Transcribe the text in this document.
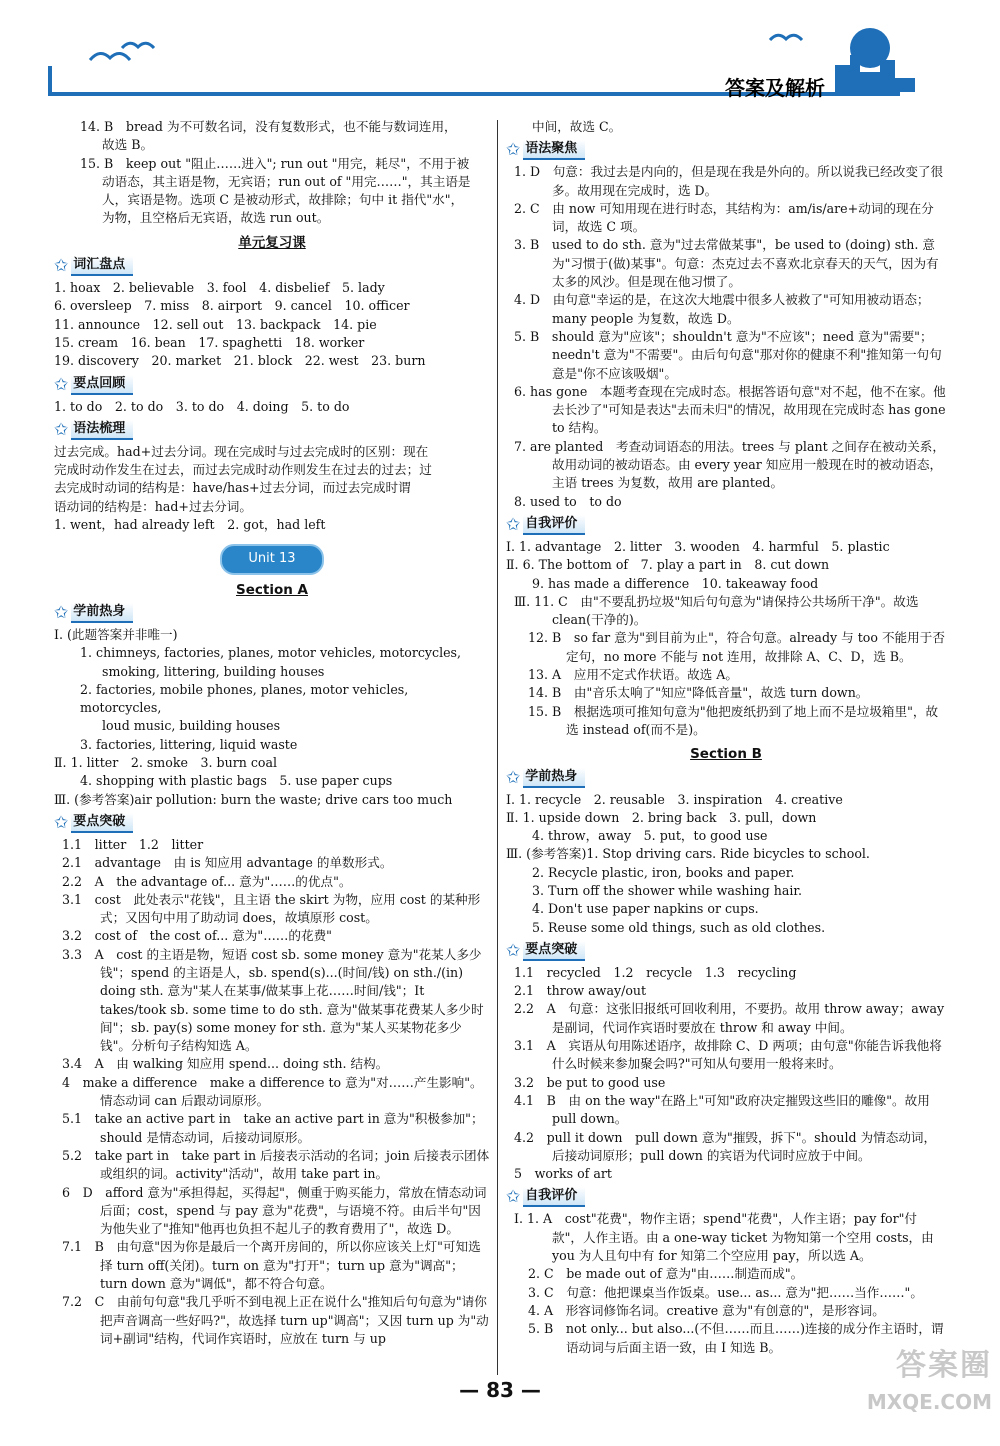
答案及解析

14. B　bread 为不可数名词，没有复数形式，也不能与数词连用，

故选 B。

15. B　keep out "阻止……进入"; run out "用完，耗尽"，不用于被

动语态，其主语是物，无宾语；run out of "用完……"，其主语是

人，宾语是物。选项 C 是被动形式，故排除；句中 it 指代"水"，

为物，且空格后无宾语，故选 run out。

单元复习课
✩ 词汇盘点

1. hoax　2. believable　3. fool　4. disbelief　5. lady

6. oversleep　7. miss　8. airport　9. cancel　10. officer

11. announce　12. sell out　13. backpack　14. pie

15. cream　16. bean　17. spaghetti　18. worker

19. discovery　20. market　21. block　22. west　23. burn

✩ 要点回顾

1. to do　2. to do　3. to do　4. doing　5. to do

✩ 语法梳理

过去完成。had+过去分词。现在完成时与过去完成时的区别：现在

完成时动作发生在过去，而过去完成时动作则发生在过去的过去；过

去完成时动词的结构是：have/has+过去分词，而过去完成时谓

语动词的结构是：had+过去分词。

1. went，had already left　2. got，had left

Unit 13
Section A
✩ 学前热身

Ⅰ. (此题答案并非唯一)

1. chimneys, factories, planes, motor vehicles, motorcycles,

smoking, littering, building houses

2. factories, mobile phones, planes, motor vehicles, motorcycles,

loud music, building houses

3. factories, littering, liquid waste

Ⅱ. 1. litter　2. smoke　3. burn coal

4. shopping with plastic bags　5. use paper cups

Ⅲ. (参考答案)air pollution: burn the waste; drive cars too much

✩ 要点突破

1.1　litter　1.2　litter

2.1　advantage　由 is 知应用 advantage 的单数形式。

2.2　A　the advantage of... 意为"……的优点"。

3.1　cost　此处表示"花钱"，且主语 the skirt 为物，应用 cost 的某种形式；又因句中用了助动词 does，故填原形 cost。

3.2　cost of　the cost of... 意为"……的花费"

3.3　A　cost 的主语是物，短语 cost sb. some money 意为"花某人多少钱"；spend 的主语是人，sb. spend(s)...(时间/钱) on sth./(in) doing sth. 意为"某人在某事/做某事上花……时间/钱"；It takes/took sb. some time to do sth. 意为"做某事花费某人多少时间"；sb. pay(s) some money for sth. 意为"某人买某物花多少钱"。分析句子结构知选 A。

3.4　A　由 walking 知应用 spend... doing sth. 结构。

4　make a difference　make a difference to 意为"对……产生影响"。情态动词 can 后跟动词原形。

5.1　take an active part in　take an active part in 意为"积极参加"；should 是情态动词，后接动词原形。

5.2　take part in　take part in 后接表示活动的名词；join 后接表示团体或组织的词。activity"活动"，故用 take part in。

6　D　afford 意为"承担得起，买得起"，侧重于购买能力，常放在情态动词后面；cost，spend 与 pay 意为"花费"，与语境不符。由后半句"因为他失业了"推知"他再也负担不起儿子的教育费用了"，故选 D。

7.1　B　由句意"因为你是最后一个离开房间的，所以你应该关上灯"可知选择 turn off(关闭)。turn on 意为"打开"；turn up 意为"调高"；turn down 意为"调低"，都不符合句意。

7.2　C　由前句句意"我几乎听不到电视上正在说什么"推知后句句意为"请你把声音调高一些好吗?"，故选择 turn up"调高"；又因 turn up 为"动词+副词"结构，代词作宾语时，应放在 turn 与 up

中间，故选 C。

✩ 语法聚焦

1. D　句意：我过去是内向的，但是现在我是外向的。所以说我已经改变了很多。故用现在完成时，选 D。

2. C　由 now 可知用现在进行时态，其结构为：am/is/are+动词的现在分词，故选 C 项。

3. B　used to do sth. 意为"过去常做某事"，be used to (doing) sth. 意为"习惯于(做)某事"。句意：杰克过去不喜欢北京春天的天气，因为有太多的风沙。但是现在他习惯了。

4. D　由句意"幸运的是，在这次大地震中很多人被救了"可知用被动语态；many people 为复数，故选 D。

5. B　should 意为"应该"；shouldn't 意为"不应该"；need 意为"需要"；needn't 意为"不需要"。由后句句意"那对你的健康不利"推知第一句句意是"你不应该吸烟"。

6. has gone　本题考查现在完成时态。根据答语句意"对不起，他不在家。他去长沙了"可知是表达"去而未归"的情况，故用现在完成时态 has gone to 结构。

7. are planted　考查动词语态的用法。trees 与 plant 之间存在被动关系，故用动词的被动语态。由 every year 知应用一般现在时的被动语态，主语 trees 为复数，故用 are planted。

8. used to　to do

✩ 自我评价

Ⅰ. 1. advantage　2. litter　3. wooden　4. harmful　5. plastic

Ⅱ. 6. The bottom of　7. play a part in　8. cut down

9. has made a difference　10. takeaway food

Ⅲ. 11. C　由"不要乱扔垃圾"知后句句意为"请保持公共场所干净"。故选 clean(干净的)。

12. B　so far 意为"到目前为止"，符合句意。already 与 too 不能用于否定句，no more 不能与 not 连用，故排除 A、C、D，选 B。

13. A　应用不定式作状语。故选 A。

14. B　由"音乐太响了"知应"降低音量"，故选 turn down。

15. B　根据选项可推知句意为"他把废纸扔到了地上而不是垃圾箱里"，故选 instead of(而不是)。

Section B
✩ 学前热身

Ⅰ. 1. recycle　2. reusable　3. inspiration　4. creative

Ⅱ. 1. upside down　2. bring back　3. pull，down

4. throw，away　5. put，to good use

Ⅲ. (参考答案)1. Stop driving cars. Ride bicycles to school.

2. Recycle plastic, iron, books and paper.

3. Turn off the shower while washing hair.

4. Don't use paper napkins or cups.

5. Reuse some old things, such as old clothes.

✩ 要点突破

1.1　recycled　1.2　recycle　1.3　recycling

2.1　throw away/out

2.2　A　句意：这张旧报纸可回收利用，不要扔。故用 throw away；away 是副词，代词作宾语时要放在 throw 和 away 中间。

3.1　A　宾语从句用陈述语序，故排除 C、D 两项；由句意"你能告诉我他将什么时候来参加聚会吗?"可知从句要用一般将来时。

3.2　be put to good use

4.1　B　由 on the way"在路上"可知"政府决定摧毁这些旧的雕像"。故用 pull down。

4.2　pull it down　pull down 意为"摧毁，拆下"。should 为情态动词，后接动词原形；pull down 的宾语为代词时应放于中间。

5　works of art

✩ 自我评价

Ⅰ. 1. A　cost"花费"，物作主语；spend"花费"，人作主语；pay for"付款"，人作主语。由 a one-way ticket 为物知第一个空用 costs，由 you 为人且句中有 for 知第二个空应用 pay，所以选 A。

2. C　be made out of 意为"由……制造而成"。

3. C　句意：他把课桌当作饭桌。use... as... 意为"把……当作……"。

4. A　形容词修饰名词。creative 意为"有创意的"，是形容词。

5. B　not only... but also...(不但……而且……)连接的成分作主语时，谓语动词与后面主语一致，由 I 知选 B。

— 83 —
答案圈
MXQE.COM
